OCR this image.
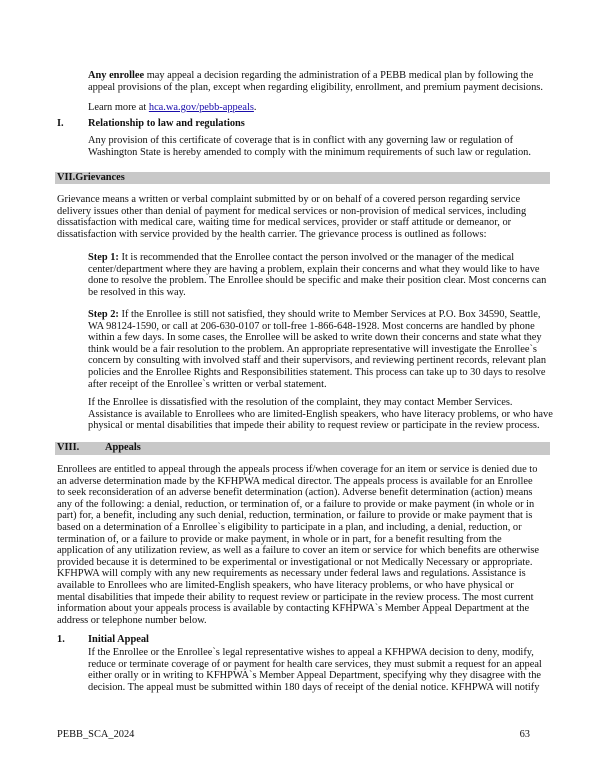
Any enrollee may appeal a decision regarding the administration of a PEBB medical plan by following the
appeal provisions of the plan, except when regarding eligibility, enrollment, and premium payment decisions.
Learn more at hca.wa.gov/pebb-appeals.
I. Relationship to law and regulations
Any provision of this certificate of coverage that is in conflict with any governing law or regulation of
Washington State is hereby amended to comply with the minimum requirements of such law or regulation.
VII.Grievances
Grievance means a written or verbal complaint submitted by or on behalf of a covered person regarding service
delivery issues other than denial of payment for medical services or non-provision of medical services, including
dissatisfaction with medical care, waiting time for medical services, provider or staff attitude or demeanor, or
dissatisfaction with service provided by the health carrier. The grievance process is outlined as follows:
Step 1: It is recommended that the Enrollee contact the person involved or the manager of the medical
center/department where they are having a problem, explain their concerns and what they would like to have
done to resolve the problem. The Enrollee should be specific and make their position clear. Most concerns can
be resolved in this way.
Step 2: If the Enrollee is still not satisfied, they should write to Member Services at P.O. Box 34590, Seattle,
WA 98124-1590, or call at 206-630-0107 or toll-free 1-866-648-1928. Most concerns are handled by phone
within a few days. In some cases, the Enrollee will be asked to write down their concerns and state what they
think would be a fair resolution to the problem. An appropriate representative will investigate the Enrollee`s
concern by consulting with involved staff and their supervisors, and reviewing pertinent records, relevant plan
policies and the Enrollee Rights and Responsibilities statement. This process can take up to 30 days to resolve
after receipt of the Enrollee`s written or verbal statement.
If the Enrollee is dissatisfied with the resolution of the complaint, they may contact Member Services.
Assistance is available to Enrollees who are limited-English speakers, who have literacy problems, or who have
physical or mental disabilities that impede their ability to request review or participate in the review process.
VIII. Appeals
Enrollees are entitled to appeal through the appeals process if/when coverage for an item or service is denied due to
an adverse determination made by the KFHPWA medical director. The appeals process is available for an Enrollee
to seek reconsideration of an adverse benefit determination (action). Adverse benefit determination (action) means
any of the following: a denial, reduction, or termination of, or a failure to provide or make payment (in whole or in
part) for, a benefit, including any such denial, reduction, termination, or failure to provide or make payment that is
based on a determination of a Enrollee`s eligibility to participate in a plan, and including, a denial, reduction, or
termination of, or a failure to provide or make payment, in whole or in part, for a benefit resulting from the
application of any utilization review, as well as a failure to cover an item or service for which benefits are otherwise
provided because it is determined to be experimental or investigational or not Medically Necessary or appropriate.
KFHPWA will comply with any new requirements as necessary under federal laws and regulations. Assistance is
available to Enrollees who are limited-English speakers, who have literacy problems, or who have physical or
mental disabilities that impede their ability to request review or participate in the review process. The most current
information about your appeals process is available by contacting KFHPWA`s Member Appeal Department at the
address or telephone number below.
1. Initial Appeal
If the Enrollee or the Enrollee`s legal representative wishes to appeal a KFHPWA decision to deny, modify,
reduce or terminate coverage of or payment for health care services, they must submit a request for an appeal
either orally or in writing to KFHPWA`s Member Appeal Department, specifying why they disagree with the
decision. The appeal must be submitted within 180 days of receipt of the denial notice. KFHPWA will notify
PEBB_SCA_2024	63
